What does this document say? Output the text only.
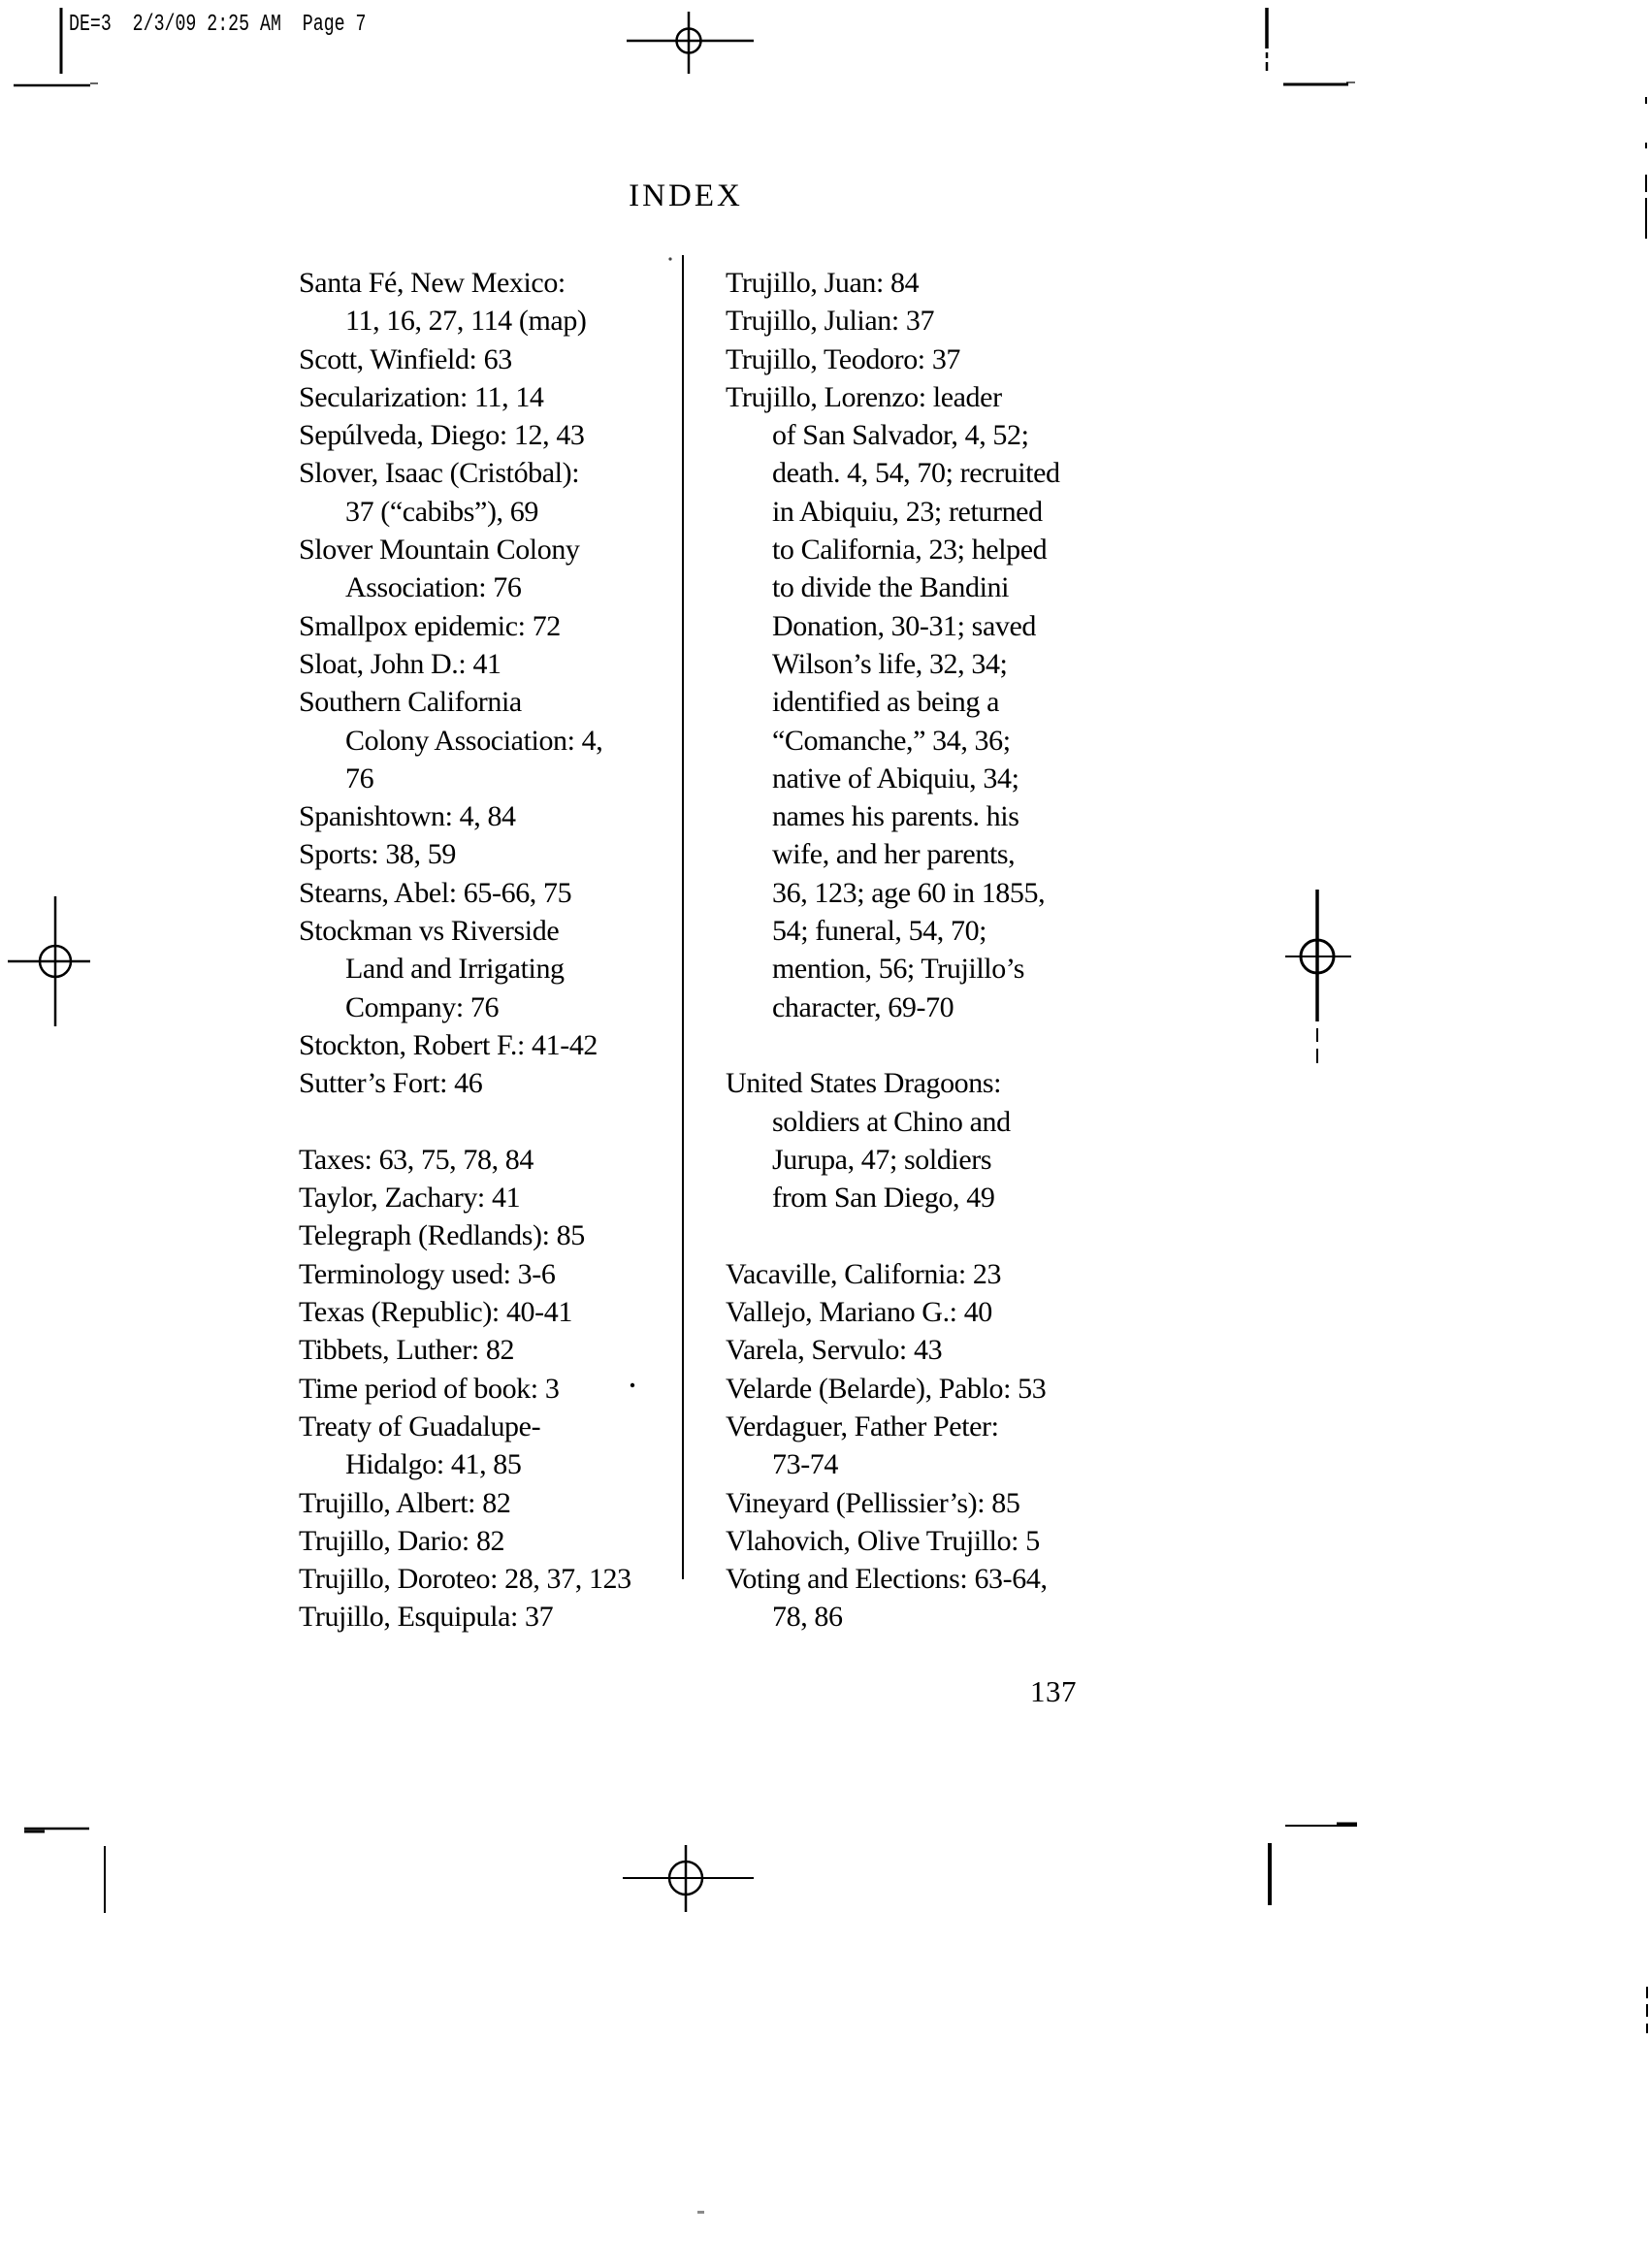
DE=3  2/3/09 2:25 AM  Page 7
INDEX
Santa Fé, New Mexico:
11, 16, 27, 114 (map)
Scott, Winfield: 63
Secularization: 11, 14
Sepúlveda, Diego: 12, 43
Slover, Isaac (Cristóbal):
37 (“cabibs”), 69
Slover Mountain Colony
Association: 76
Smallpox epidemic: 72
Sloat, John D.: 41
Southern California
Colony Association: 4,
76
Spanishtown: 4, 84
Sports: 38, 59
Stearns, Abel: 65-66, 75
Stockman vs Riverside
Land and Irrigating
Company: 76
Stockton, Robert F.: 41-42
Sutter’s Fort: 46

Taxes: 63, 75, 78, 84
Taylor, Zachary: 41
Telegraph (Redlands): 85
Terminology used: 3-6
Texas (Republic): 40-41
Tibbets, Luther: 82
Time period of book: 3
Treaty of Guadalupe-
Hidalgo: 41, 85
Trujillo, Albert: 82
Trujillo, Dario: 82
Trujillo, Doroteo: 28, 37, 123
Trujillo, Esquipula: 37
Trujillo, Juan: 84
Trujillo, Julian: 37
Trujillo, Teodoro: 37
Trujillo, Lorenzo: leader
of San Salvador, 4, 52;
death. 4, 54, 70; recruited
in Abiquiu, 23; returned
to California, 23; helped
to divide the Bandini
Donation, 30-31; saved
Wilson’s life, 32, 34;
identified as being a
“Comanche,” 34, 36;
native of Abiquiu, 34;
names his parents. his
wife, and her parents,
36, 123; age 60 in 1855,
54; funeral, 54, 70;
mention, 56; Trujillo’s
character, 69-70

United States Dragoons:
soldiers at Chino and
Jurupa, 47; soldiers
from San Diego, 49

Vacaville, California: 23
Vallejo, Mariano G.: 40
Varela, Servulo: 43
Velarde (Belarde), Pablo: 53
Verdaguer, Father Peter:
73-74
Vineyard (Pellissier’s): 85
Vlahovich, Olive Trujillo: 5
Voting and Elections: 63-64,
78, 86
137
